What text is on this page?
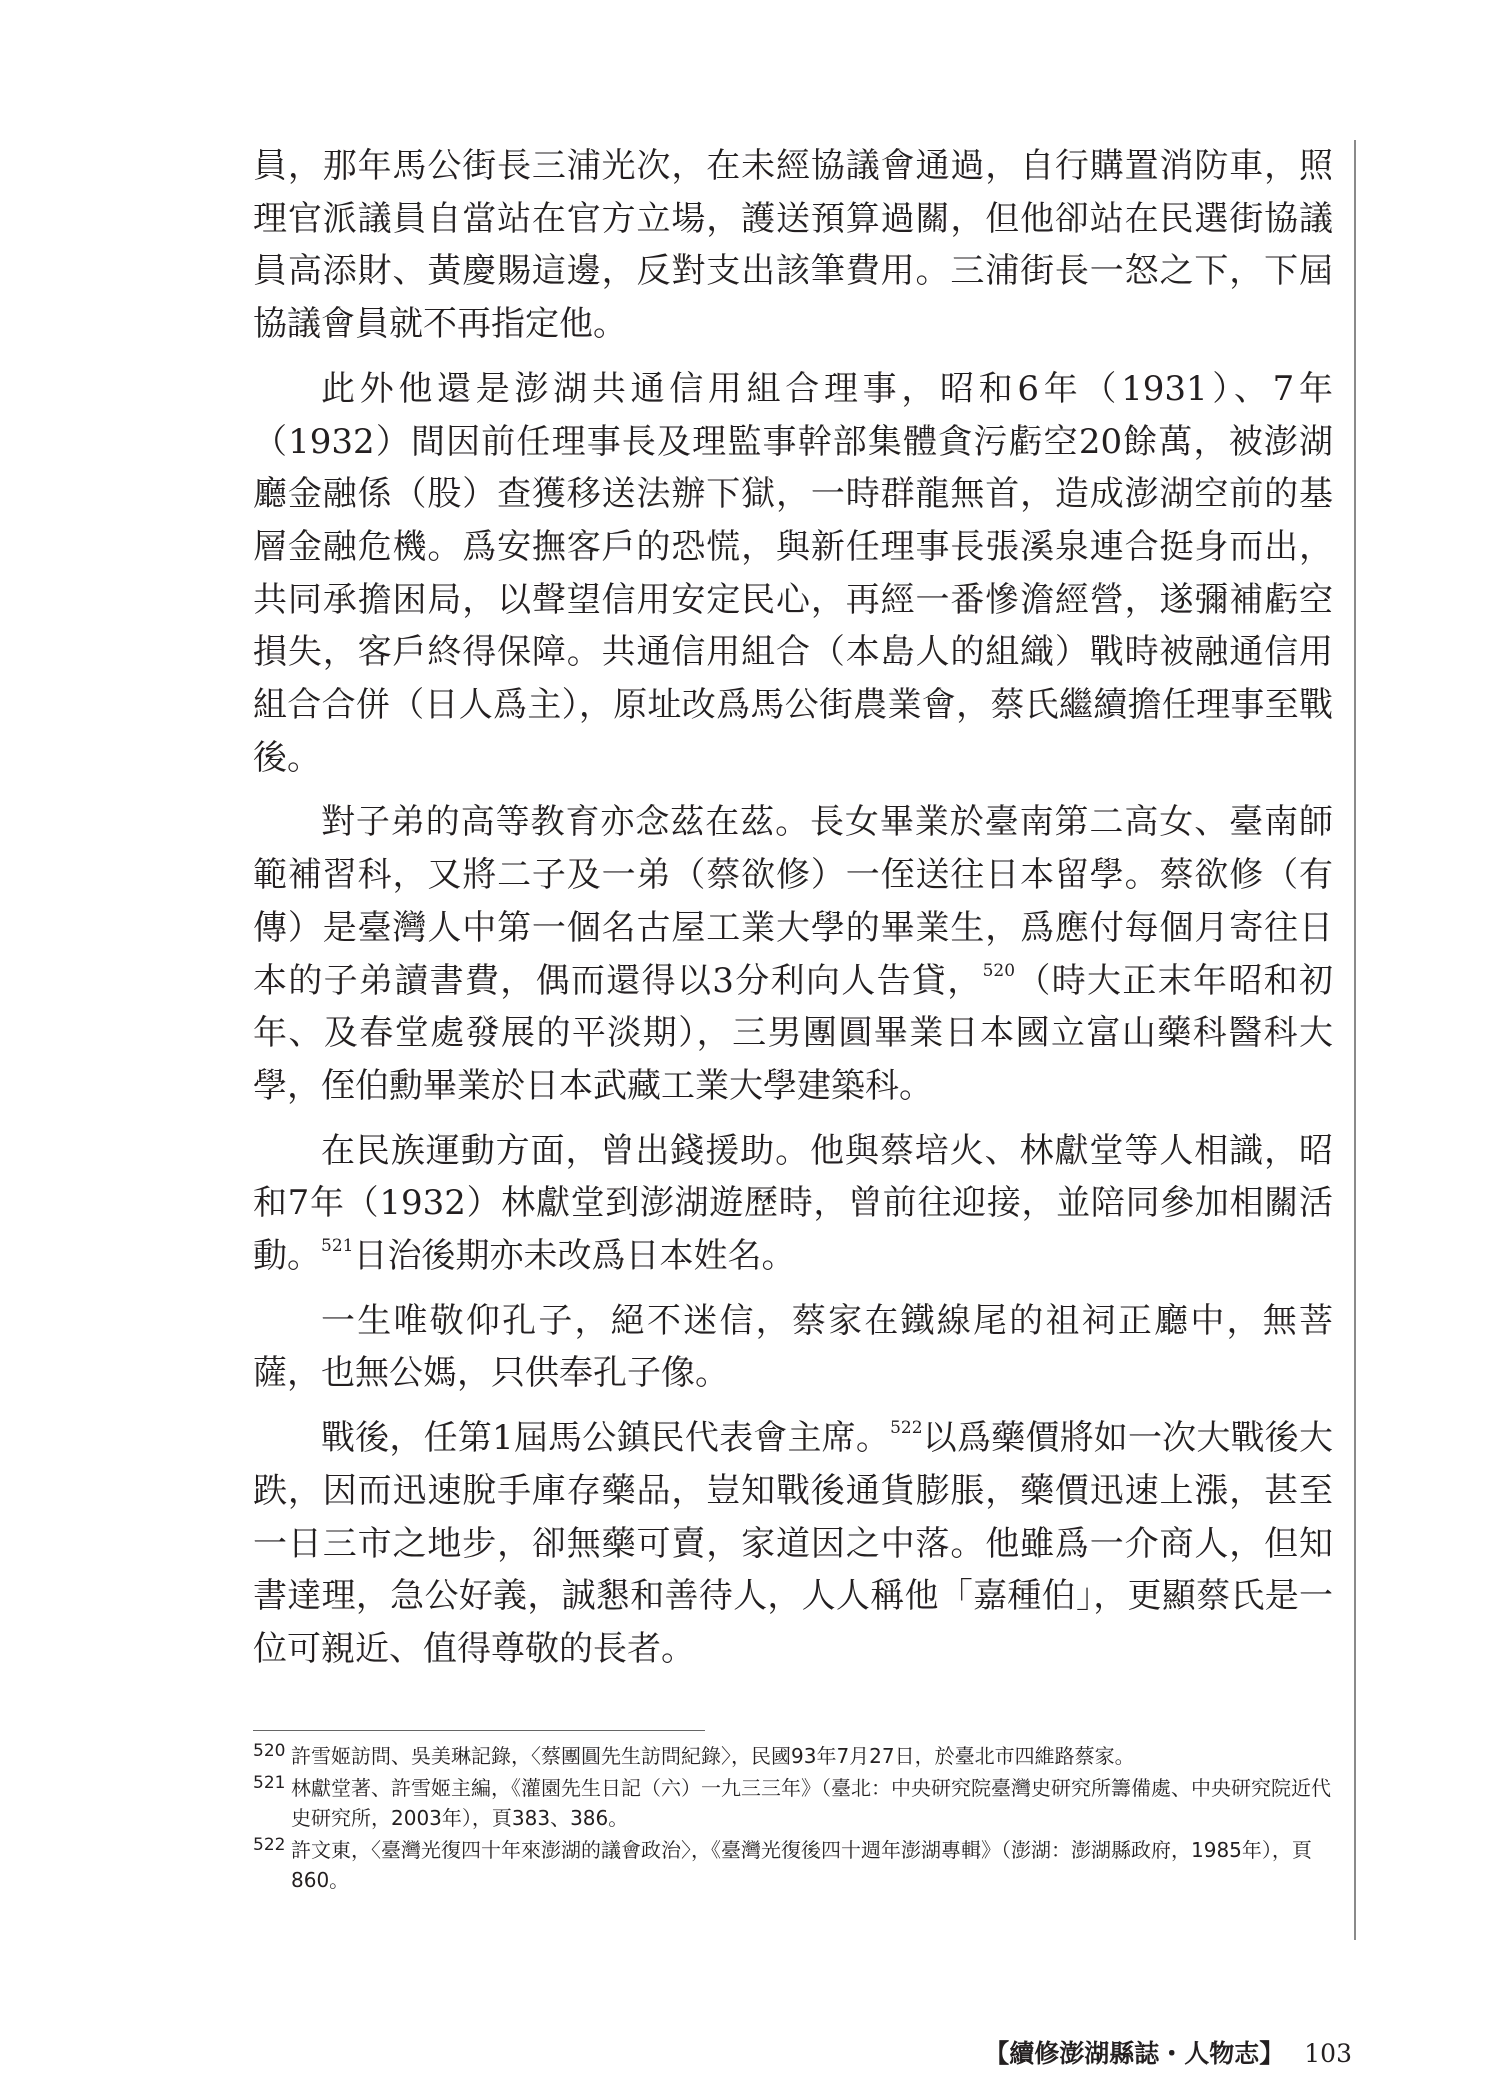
員，那年馬公街長三浦光次，在未經協議會通過，自行購置消防車，照理官派議員自當站在官方立場，護送預算過關，但他卻站在民選街協議員高添財、黃慶賜這邊，反對支出該筆費用。三浦街長一怒之下，下屆協議會員就不再指定他。

此外他還是澎湖共通信用組合理事，昭和6年（1931）、7年（1932）間因前任理事長及理監事幹部集體貪污虧空20餘萬，被澎湖廳金融係（股）查獲移送法辦下獄，一時群龍無首，造成澎湖空前的基層金融危機。爲安撫客戶的恐慌，與新任理事長張溪泉連合挺身而出，共同承擔困局，以聲望信用安定民心，再經一番慘澹經營，遂彌補虧空損失，客戶終得保障。共通信用組合（本島人的組織）戰時被融通信用組合合併（日人爲主），原址改爲馬公街農業會，蔡氏繼續擔任理事至戰後。

對子弟的高等教育亦念茲在茲。長女畢業於臺南第二高女、臺南師範補習科，又將二子及一弟（蔡欲修）一侄送往日本留學。蔡欲修（有傳）是臺灣人中第一個名古屋工業大學的畢業生，爲應付每個月寄往日本的子弟讀書費，偶而還得以3分利向人告貸，$^{520}$（時大正末年昭和初年、及春堂處發展的平淡期），三男團圓畢業日本國立富山藥科醫科大學，侄伯勳畢業於日本武藏工業大學建築科。

在民族運動方面，曾出錢援助。他與蔡培火、林獻堂等人相識，昭和7年（1932）林獻堂到澎湖遊歷時，曾前往迎接，並陪同參加相關活動。$^{521}$日治後期亦未改爲日本姓名。

一生唯敬仰孔子，絕不迷信，蔡家在鐵線尾的祖祠正廳中，無菩薩，也無公媽，只供奉孔子像。

戰後，任第1屆馬公鎮民代表會主席。$^{522}$以爲藥價將如一次大戰後大跌，因而迅速脫手庫存藥品，豈知戰後通貨膨脹，藥價迅速上漲，甚至一日三市之地步，卻無藥可賣，家道因之中落。他雖爲一介商人，但知書達理，急公好義，誠懇和善待人，人人稱他「嘉種伯」，更顯蔡氏是一位可親近、值得尊敬的長者。

520 許雪姬訪問、吳美琳記錄，〈蔡團圓先生訪問紀錄〉，民國93年7月27日，於臺北市四維路蔡家。
521 林獻堂著、許雪姬主編，《灌園先生日記（六）一九三三年》（臺北：中央研究院臺灣史研究所籌備處、中央研究院近代史研究所，2003年），頁383、386。
522 許文東，〈臺灣光復四十年來澎湖的議會政治〉，《臺灣光復後四十週年澎湖專輯》（澎湖：澎湖縣政府，1985年），頁860。
【續修澎湖縣誌・人物志】 103
